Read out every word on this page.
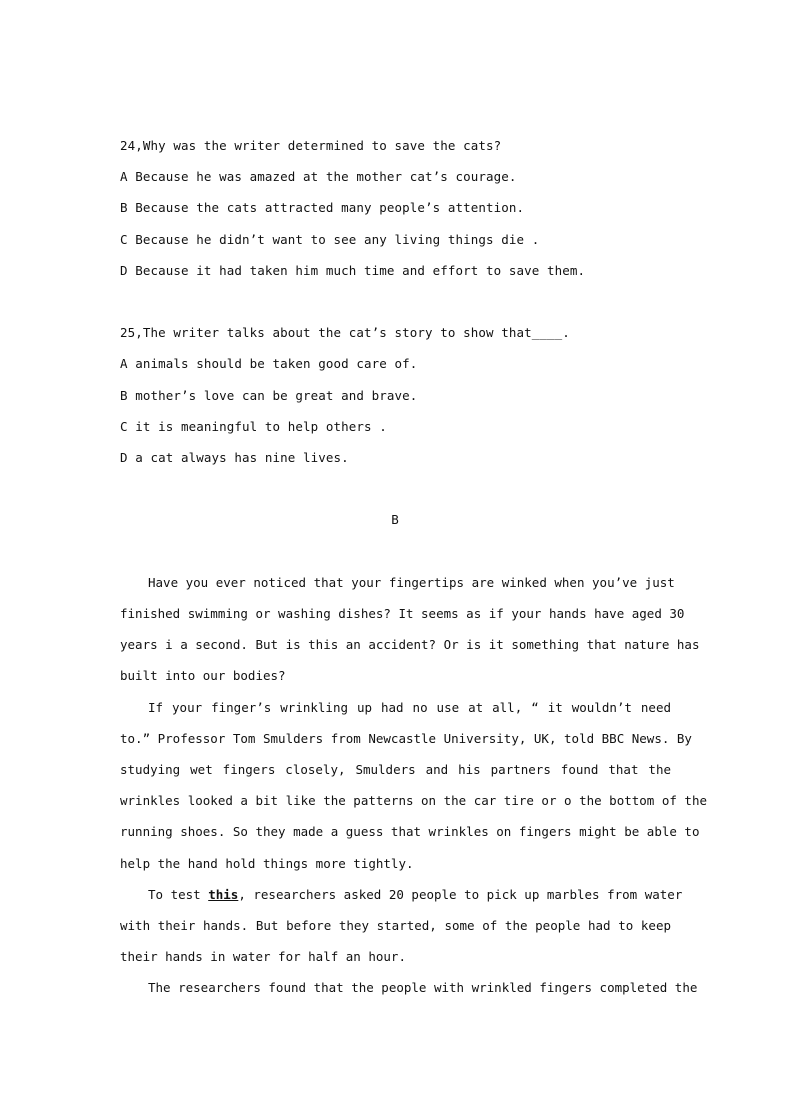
24,Why was the writer determined to save the cats?
A Because he was amazed at the mother cat’s courage.
B Because the cats attracted many people’s attention.
C Because he didn’t want to see any living things die .
D Because it had taken him much time and effort to save them.
25,The writer talks about the cat’s story to show that____.
A animals should be taken good care of.
B mother’s love can be great and brave.
C it is meaningful to help others .
D a cat always has nine lives.
B
Have you ever noticed that your fingertips are winked when you’ve just
finished swimming or washing dishes? It seems as if your hands have aged 30
years i a second. But is this an accident? Or is it something that nature has
built into our bodies?
If your finger’s wrinkling up had no use at all, “ it wouldn’t need
to.” Professor Tom Smulders from Newcastle University, UK, told BBC News. By
studying wet fingers closely, Smulders and his partners found that the
wrinkles looked a bit like the patterns on the car tire or o the bottom of the
running shoes. So they made a guess that wrinkles on fingers might be able to
help the hand hold things more tightly.
To test this, researchers asked 20 people to pick up marbles from water
with their hands. But before they started, some of the people had to keep
their hands in water for half an hour.
The researchers found that the people with wrinkled fingers completed the
